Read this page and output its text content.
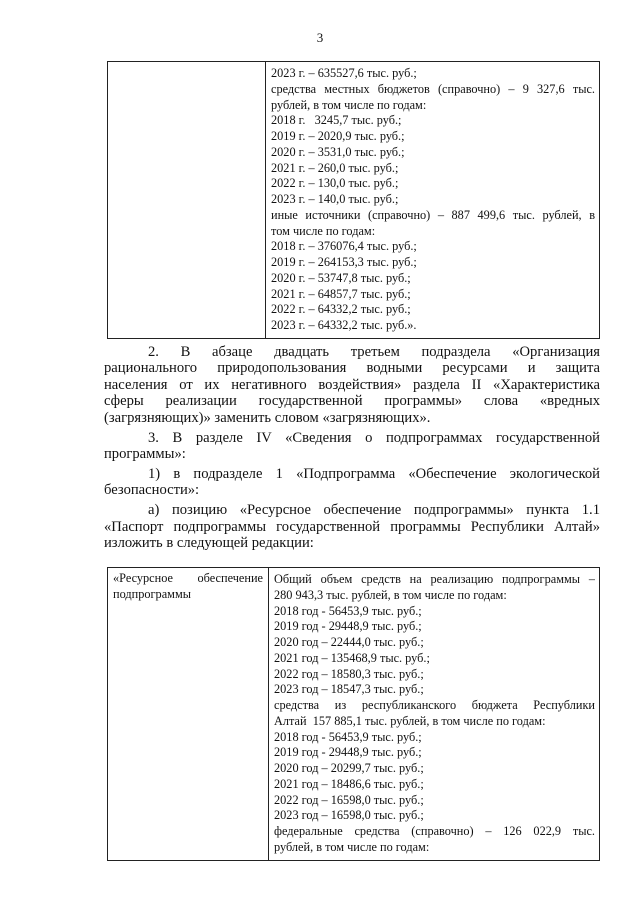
3

2023 г. – 635527,6 тыс. руб.;
средства местных бюджетов (справочно) – 9 327,6 тыс.
рублей, в том числе по годам:
2018 г.   3245,7 тыс. руб.;
2019 г. – 2020,9 тыс. руб.;
2020 г. – 3531,0 тыс. руб.;
2021 г. – 260,0 тыс. руб.;
2022 г. – 130,0 тыс. руб.;
2023 г. – 140,0 тыс. руб.;
иные источники (справочно) – 887 499,6 тыс. рублей, в
том числе по годам:
2018 г. – 376076,4 тыс. руб.;
2019 г. – 264153,3 тыс. руб.;
2020 г. – 53747,8 тыс. руб.;
2021 г. – 64857,7 тыс. руб.;
2022 г. – 64332,2 тыс. руб.;
2023 г. – 64332,2 тыс. руб.».
2. В абзаце двадцать третьем подраздела «Организация
рационального природопользования водными ресурсами и защита
населения от их негативного воздействия» раздела II «Характеристика
сферы реализации государственной программы» слова «вредных
(загрязняющих)» заменить словом «загрязняющих».
3. В разделе IV «Сведения о подпрограммах государственной
программы»:
1) в подразделе 1 «Подпрограмма «Обеспечение экологической
безопасности»:
а) позицию «Ресурсное обеспечение подпрограммы» пункта 1.1
«Паспорт подпрограммы государственной программы Республики Алтай»
изложить в следующей редакции:
«Ресурсное обеспечение
подпрограммы

Общий объем средств на реализацию подпрограммы –
280 943,3 тыс. рублей, в том числе по годам:
2018 год - 56453,9 тыс. руб.;
2019 год - 29448,9 тыс. руб.;
2020 год – 22444,0 тыс. руб.;
2021 год – 135468,9 тыс. руб.;
2022 год – 18580,3 тыс. руб.;
2023 год – 18547,3 тыс. руб.;
средства из республиканского бюджета Республики
Алтай  157 885,1 тыс. рублей, в том числе по годам:
2018 год - 56453,9 тыс. руб.;
2019 год - 29448,9 тыс. руб.;
2020 год – 20299,7 тыс. руб.;
2021 год – 18486,6 тыс. руб.;
2022 год – 16598,0 тыс. руб.;
2023 год – 16598,0 тыс. руб.;
федеральные средства (справочно) – 126 022,9 тыс.
рублей, в том числе по годам:
